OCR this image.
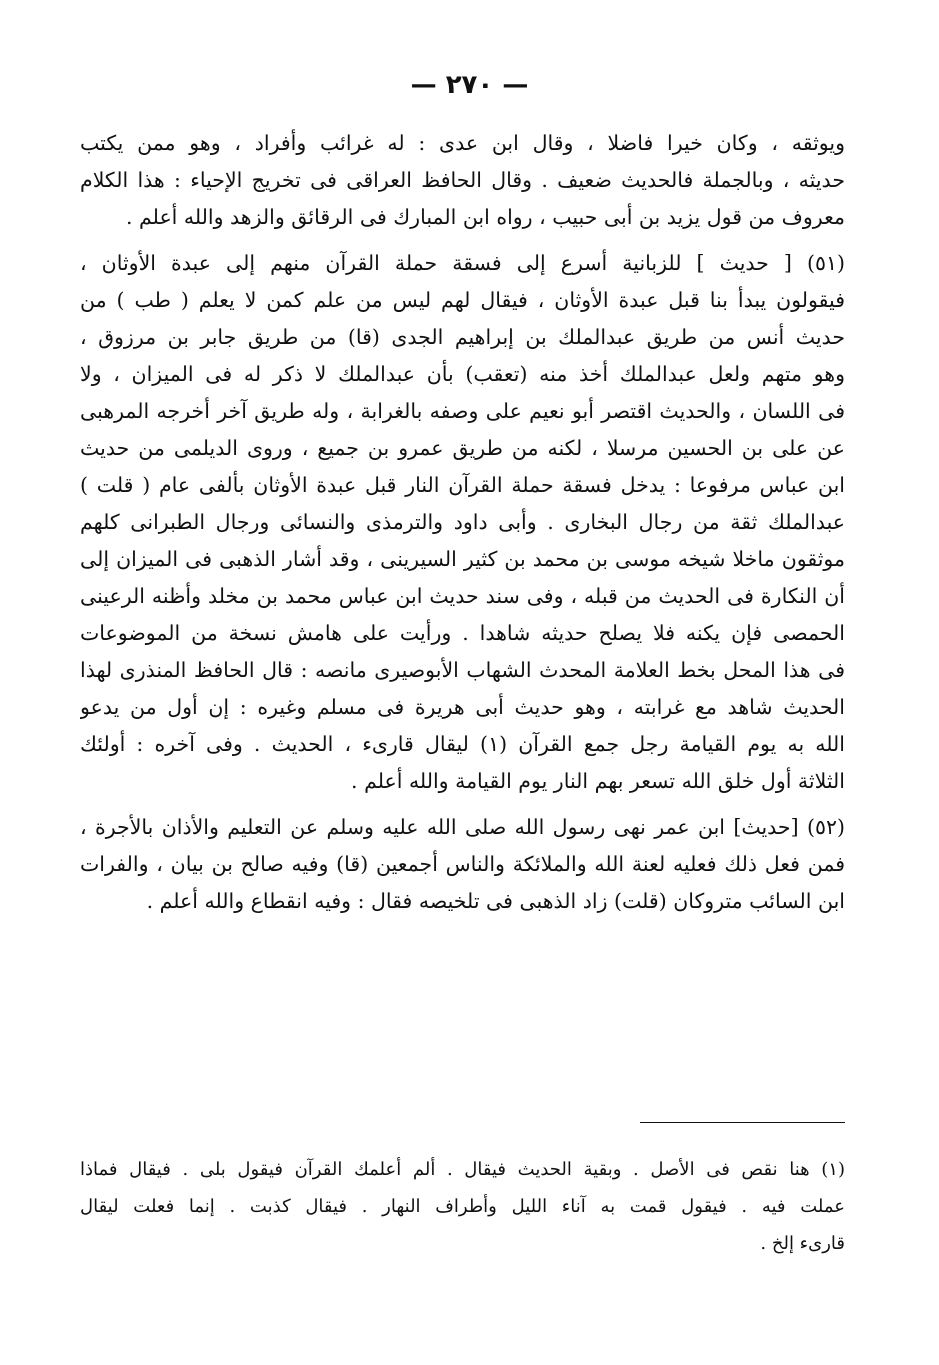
— ٢٧٠ —
ويوثقه ، وكان خيرا فاضلا ، وقال ابن عدى : له غرائب وأفراد ، وهو ممن يكتب
حديثه ، وبالجملة فالحديث ضعيف . وقال الحافظ العراقى فى تخريج الإحياء : هذا الكلام
معروف من قول يزيد بن أبى حبيب ، رواه ابن المبارك فى الرقائق والزهد والله أعلم .
(٥١) [ حديث ] للزبانية أسرع إلى فسقة حملة القرآن منهم إلى عبدة الأوثان ،
فيقولون يبدأ بنا قبل عبدة الأوثان ، فيقال لهم ليس من علم كمن لا يعلم ( طب ) من
حديث أنس من طريق عبدالملك بن إبراهيم الجدى (قا) من طريق جابر بن مرزوق ،
وهو متهم ولعل عبدالملك أخذ منه (تعقب) بأن عبدالملك لا ذكر له فى الميزان ، ولا
فى اللسان ، والحديث اقتصر أبو نعيم على وصفه بالغرابة ، وله طريق آخر أخرجه المرهبى
عن على بن الحسين مرسلا ، لكنه من طريق عمرو بن جميع ، وروى الديلمى من حديث
ابن عباس مرفوعا : يدخل فسقة حملة القرآن النار قبل عبدة الأوثان بألفى عام ( قلت )
عبدالملك ثقة من رجال البخارى . وأبى داود والترمذى والنسائى ورجال الطبرانى كلهم
موثقون ماخلا شيخه موسى بن محمد بن كثير السيرينى ، وقد أشار الذهبى فى الميزان إلى
أن النكارة فى الحديث من قبله ، وفى سند حديث ابن عباس محمد بن مخلد وأظنه الرعينى
الحمصى فإن يكنه فلا يصلح حديثه شاهدا . ورأيت على هامش نسخة من الموضوعات
فى هذا المحل بخط العلامة المحدث الشهاب الأبوصيرى مانصه : قال الحافظ المنذرى لهذا
الحديث شاهد مع غرابته ، وهو حديث أبى هريرة فى مسلم وغيره : إن أول من يدعو
الله به يوم القيامة رجل جمع القرآن (١) ليقال قارىء ، الحديث . وفى آخره : أولئك
الثلاثة أول خلق الله تسعر بهم النار يوم القيامة والله أعلم .
(٥٢) [حديث] ابن عمر نهى رسول الله صلى الله عليه وسلم عن التعليم والأذان بالأجرة ،
فمن فعل ذلك فعليه لعنة الله والملائكة والناس أجمعين (قا) وفيه صالح بن بيان ، والفرات
ابن السائب متروكان (قلت) زاد الذهبى فى تلخيصه فقال : وفيه انقطاع والله أعلم .
(١) هنا نقص فى الأصل . وبقية الحديث فيقال . ألم أعلمك القرآن فيقول بلى . فيقال فماذا
عملت فيه . فيقول قمت به آناء الليل وأطراف النهار . فيقال كذبت . إنما فعلت ليقال
قارىء إلخ .
